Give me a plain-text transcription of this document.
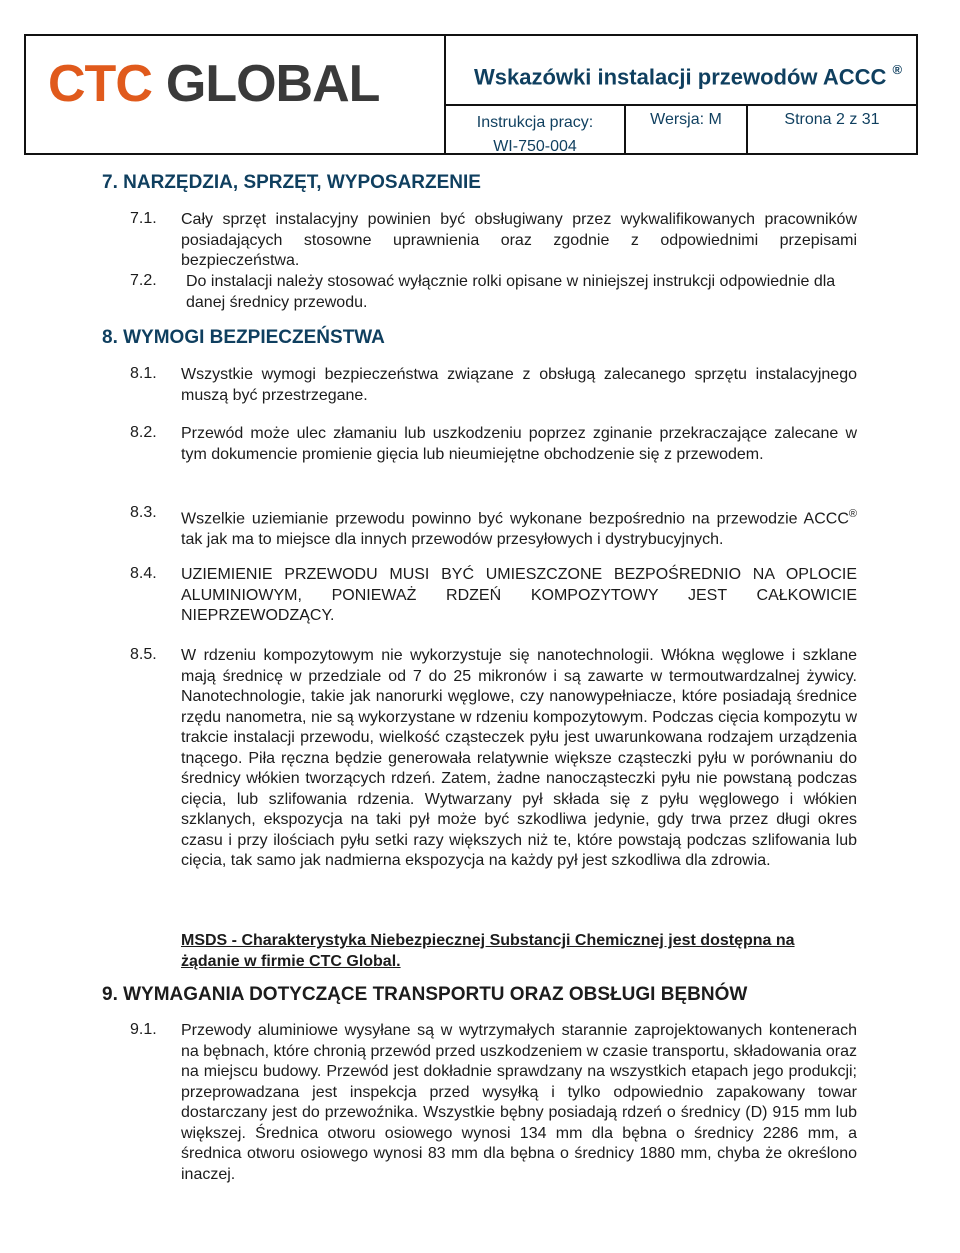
CTC GLOBAL	Wskazówki instalacji przewodów ACCC ®
Instrukcja pracy:
WI-750-004
Wersja: M	Strona 2 z 31
7. NARZĘDZIA, SPRZĘT, WYPOSARZENIE
7.1. Cały sprzęt instalacyjny powinien być obsługiwany przez wykwalifikowanych pracowników posiadających stosowne uprawnienia oraz zgodnie z odpowiednimi przepisami bezpieczeństwa.
7.2. Do instalacji należy stosować wyłącznie rolki opisane w niniejszej instrukcji odpowiednie dla danej średnicy przewodu.
8. WYMOGI BEZPIECZEŃSTWA
8.1. Wszystkie wymogi bezpieczeństwa związane z obsługą zalecanego sprzętu instalacyjnego muszą być przestrzegane.
8.2. Przewód może ulec złamaniu lub uszkodzeniu poprzez zginanie przekraczające zalecane w tym dokumencie promienie gięcia lub nieumiejętne obchodzenie się z przewodem.
8.3. Wszelkie uziemianie przewodu powinno być wykonane bezpośrednio na przewodzie ACCC® tak jak ma to miejsce dla innych przewodów przesyłowych i dystrybucyjnych.
8.4. UZIEMIENIE PRZEWODU MUSI BYĆ UMIESZCZONE BEZPOŚREDNIO NA OPLOCIE ALUMINIOWYM, PONIEWAŻ RDZEŃ KOMPOZYTOWY JEST CAŁKOWICIE NIEPRZEWODZĄCY.
8.5. W rdzeniu kompozytowym nie wykorzystuje się nanotechnologii. Włókna węglowe i szklane mają średnicę w przedziale od 7 do 25 mikronów i są zawarte w termoutwardzalnej żywicy. Nanotechnologie, takie jak nanorurki węglowe, czy nanowypełniacze, które posiadają średnice rzędu nanometra, nie są wykorzystane w rdzeniu kompozytowym. Podczas cięcia kompozytu w trakcie instalacji przewodu, wielkość cząsteczek pyłu jest uwarunkowana rodzajem urządzenia tnącego. Piła ręczna będzie generowała relatywnie większe cząsteczki pyłu w porównaniu do średnicy włókien tworzących rdzeń. Zatem, żadne nanocząsteczki pyłu nie powstaną podczas cięcia, lub szlifowania rdzenia. Wytwarzany pył składa się z pyłu węglowego i włókien szklanych, ekspozycja na taki pył może być szkodliwa jedynie, gdy trwa przez długi okres czasu i przy ilościach pyłu setki razy większych niż te, które powstają podczas szlifowania lub cięcia, tak samo jak nadmierna ekspozycja na każdy pył jest szkodliwa dla zdrowia.
MSDS - Charakterystyka Niebezpiecznej Substancji Chemicznej jest dostępna na żądanie w firmie CTC Global.
9. WYMAGANIA DOTYCZĄCE TRANSPORTU ORAZ OBSŁUGI BĘBNÓW
9.1. Przewody aluminiowe wysyłane są w wytrzymałych starannie zaprojektowanych kontenerach na bębnach, które chronią przewód przed uszkodzeniem w czasie transportu, składowania oraz na miejscu budowy. Przewód jest dokładnie sprawdzany na wszystkich etapach jego produkcji; przeprowadzana jest inspekcja przed wysyłką i tylko odpowiednio zapakowany towar dostarczany jest do przewoźnika. Wszystkie bębny posiadają rdzeń o średnicy (D) 915 mm lub większej. Średnica otworu osiowego wynosi 134 mm dla bębna o średnicy 2286 mm, a średnica otworu osiowego wynosi 83 mm dla bębna o średnicy 1880 mm, chyba że określono inaczej.
